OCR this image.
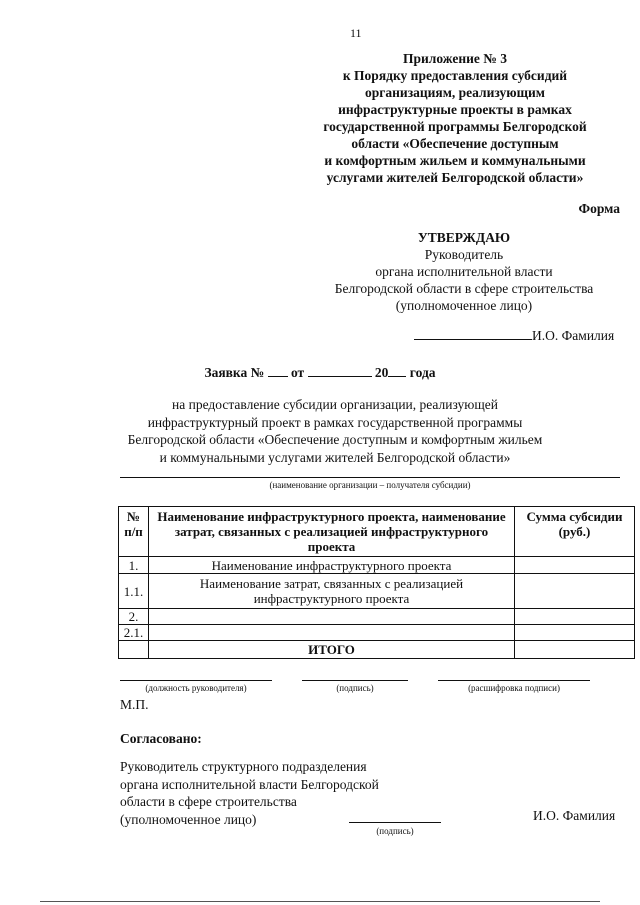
11
Приложение № 3
к Порядку предоставления субсидий
организациям, реализующим
инфраструктурные проекты в рамках
государственной программы Белгородской
области «Обеспечение доступным
и комфортным жильем и коммунальными
услугами жителей Белгородской области»
Форма
УТВЕРЖДАЮ
Руководитель
органа исполнительной власти
Белгородской области в сфере строительства
(уполномоченное лицо)
И.О. Фамилия
Заявка № от	20 года
на предоставление субсидии организации, реализующей
инфраструктурный проект в рамках государственной программы
Белгородской области «Обеспечение доступным и комфортным жильем
и коммунальными услугами жителей Белгородской области»
(наименование организации – получателя субсидии)
№ п/п	Наименование инфраструктурного проекта, наименование затрат, связанных с реализацией инфраструктурного проекта	Сумма субсидии (руб.)
1.	Наименование инфраструктурного проекта	
1.1.	Наименование затрат, связанных с реализацией инфраструктурного проекта	
2.		
2.1.		
	ИТОГО	
(должность руководителя)	(подпись)	(расшифровка подписи)
М.П.
Согласовано:
Руководитель структурного подразделения
органа исполнительной власти Белгородской
области в сфере строительства
(уполномоченное лицо)
(подпись)
И.О. Фамилия
